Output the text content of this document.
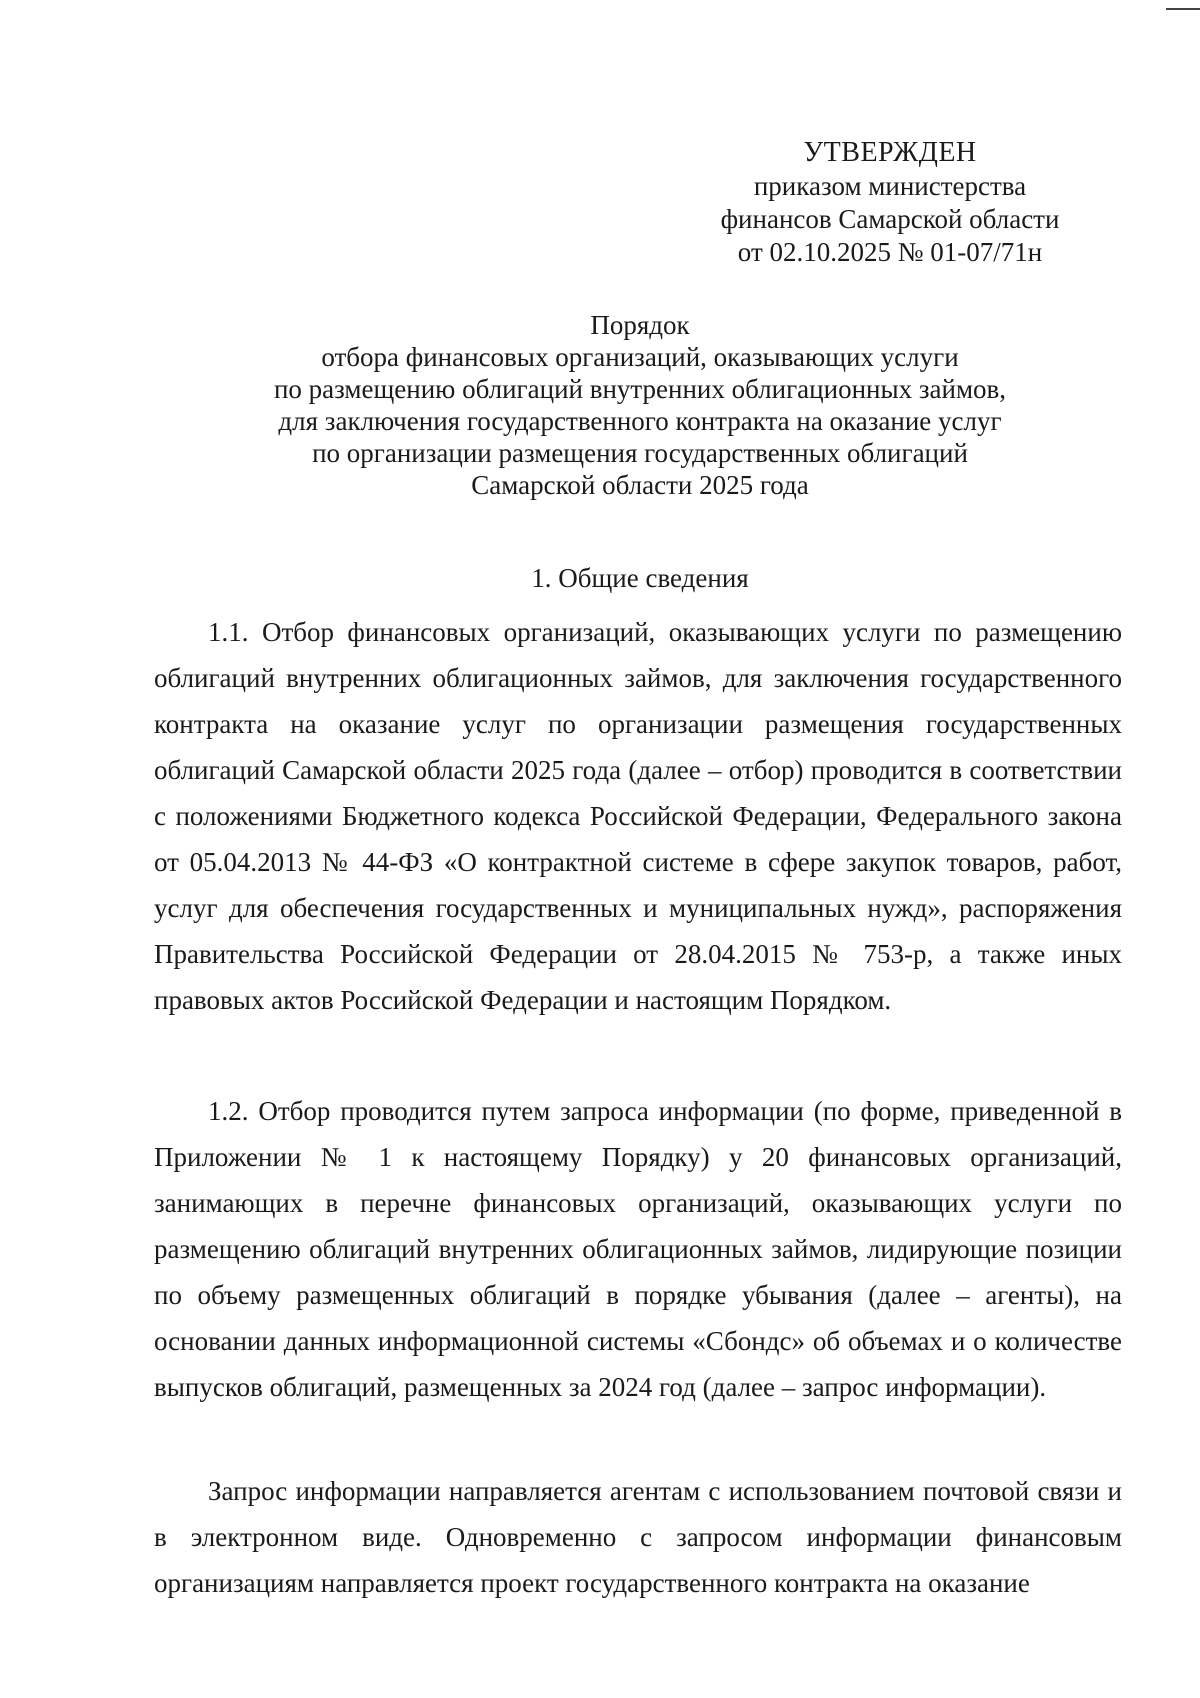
УТВЕРЖДЕН
приказом министерства
финансов Самарской области
от 02.10.2025 № 01-07/71н
Порядок
отбора финансовых организаций, оказывающих услуги
по размещению облигаций внутренних облигационных займов,
для заключения государственного контракта на оказание услуг
по организации размещения государственных облигаций
Самарской области 2025 года
1. Общие сведения

1.1. Отбор финансовых организаций, оказывающих услуги по размещению облигаций внутренних облигационных займов, для заключения государственного контракта на оказание услуг по организации размещения государственных облигаций Самарской области 2025 года (далее – отбор) проводится в соответствии с положениями Бюджетного кодекса Российской Федерации, Федерального закона от 05.04.2013 № 44-ФЗ «О контрактной системе в сфере закупок товаров, работ, услуг для обеспечения государственных и муниципальных нужд», распоряжения Правительства Российской Федерации от 28.04.2015 № 753-р, а также иных правовых актов Российской Федерации и настоящим Порядком.

1.2. Отбор проводится путем запроса информации (по форме, приведенной в Приложении № 1 к настоящему Порядку) у 20 финансовых организаций, занимающих в перечне финансовых организаций, оказывающих услуги по размещению облигаций внутренних облигационных займов, лидирующие позиции по объему размещенных облигаций в порядке убывания (далее – агенты), на основании данных информационной системы «Сбондс» об объемах и о количестве выпусков облигаций, размещенных за 2024 год (далее – запрос информации).

Запрос информации направляется агентам с использованием почтовой связи и в электронном виде. Одновременно с запросом информации финансовым организациям направляется проект государственного контракта на оказание
